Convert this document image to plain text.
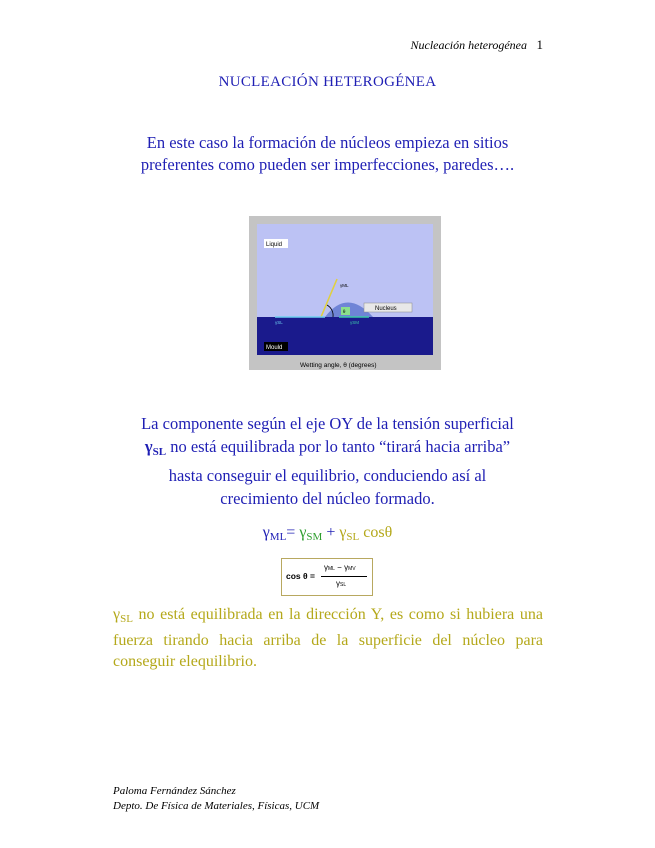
Nucleación heterogénea 1
NUCLEACIÓN HETEROGÉNEA
En este caso la formación de núcleos empieza en sitios
preferentes como pueden ser imperfecciones, paredes….
Liquid
Nucleus
Mould
γML
γSL	γSM
θ
Wetting angle, θ (degrees)
La componente según el eje OY de la tensión superficial
$\gamma_{SL}$ no está equilibrada por lo tanto “tirará hacia arriba”
hasta conseguir el equilibrio, conduciendo así al
crecimiento del núcleo formado.
$\gamma_{ML}= \gamma_{SM} + \gamma_{SL}$ cosθ
cos θ =
γML − γMV
γSL
$\gamma_{SL}$ no está equilibrada en la dirección Y, es como si hubiera una fuerza tirando hacia arriba de la superficie del núcleo para conseguir elequilibrio.
Paloma Fernández Sánchez
Depto. De Física de Materiales, Físicas, UCM
